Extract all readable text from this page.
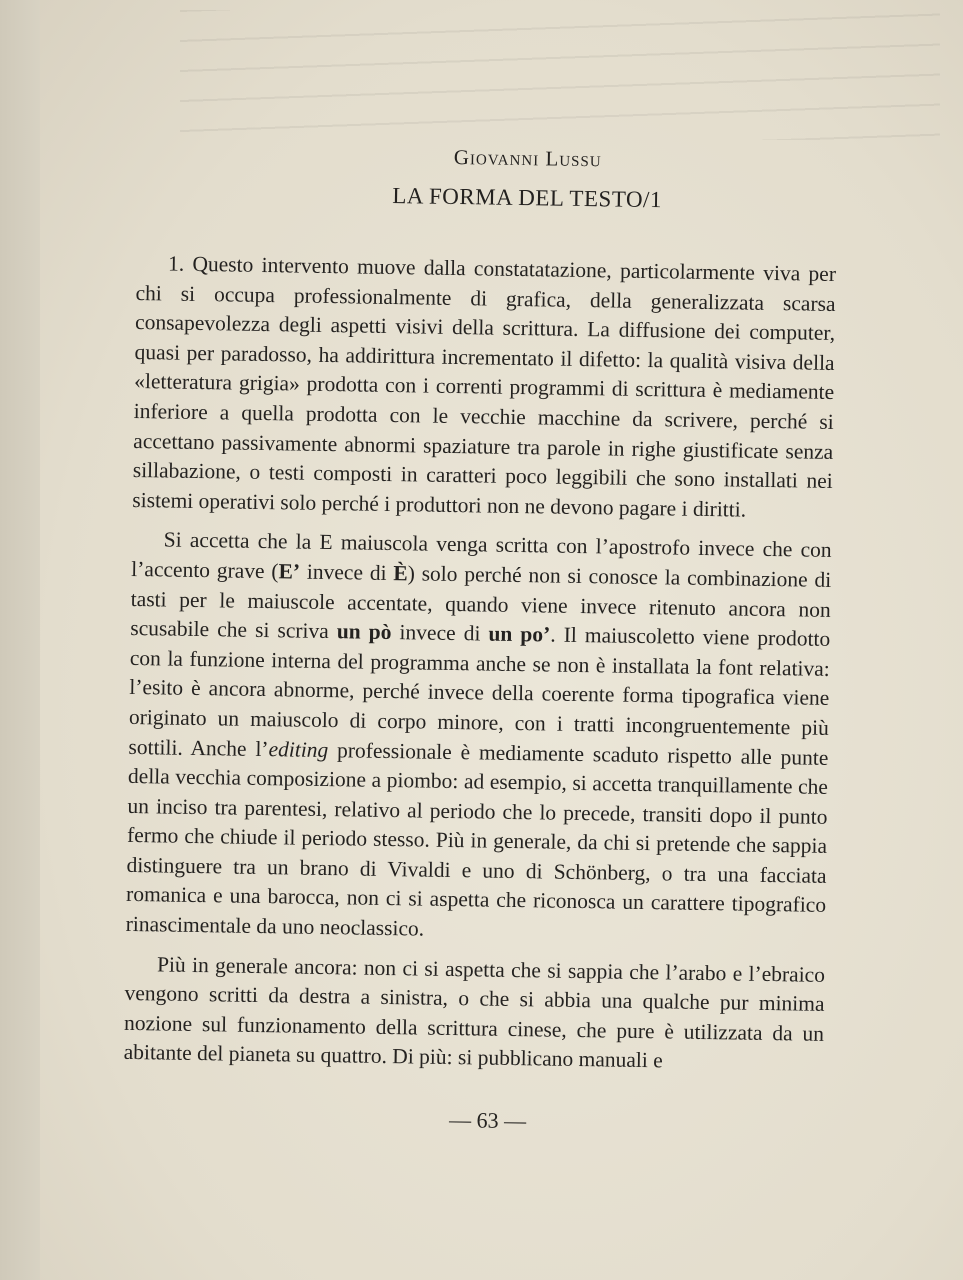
Giovanni Lussu
LA FORMA DEL TESTO/1

1. Questo intervento muove dalla constatatazione, particolarmente viva per chi si occupa professionalmente di grafica, della generalizzata scarsa consapevolezza degli aspetti visivi della scrittura. La diffusione dei computer, quasi per paradosso, ha addirittura incrementato il difetto: la qualità visiva della «letteratura grigia» prodotta con i correnti programmi di scrittura è mediamente inferiore a quella prodotta con le vecchie macchine da scrivere, perché si accettano passivamente abnormi spaziature tra parole in righe giustificate senza sillabazione, o testi composti in caratteri poco leggibili che sono installati nei sistemi operativi solo perché i produttori non ne devono pagare i diritti.

Si accetta che la E maiuscola venga scritta con l’apostrofo invece che con l’accento grave (E’ invece di È) solo perché non si conosce la combinazione di tasti per le maiuscole accentate, quando viene invece ritenuto ancora non scusabile che si scriva un pò invece di un po’. Il maiuscoletto viene prodotto con la funzione interna del programma anche se non è installata la font relativa: l’esito è ancora abnorme, perché invece della coerente forma tipografica viene originato un maiuscolo di corpo minore, con i tratti incongruentemente più sottili. Anche l’editing professionale è mediamente scaduto rispetto alle punte della vecchia composizione a piombo: ad esempio, si accetta tranquillamente che un inciso tra parentesi, relativo al periodo che lo precede, transiti dopo il punto fermo che chiude il periodo stesso. Più in generale, da chi si pretende che sappia distinguere tra un brano di Vivaldi e uno di Schönberg, o tra una facciata romanica e una barocca, non ci si aspetta che riconosca un carattere tipografico rinascimentale da uno neoclassico.

Più in generale ancora: non ci si aspetta che si sappia che l’arabo e l’ebraico vengono scritti da destra a sinistra, o che si abbia una qualche pur minima nozione sul funzionamento della scrittura cinese, che pure è utilizzata da un abitante del pianeta su quattro. Di più: si pubblicano manuali e

— 63 —
